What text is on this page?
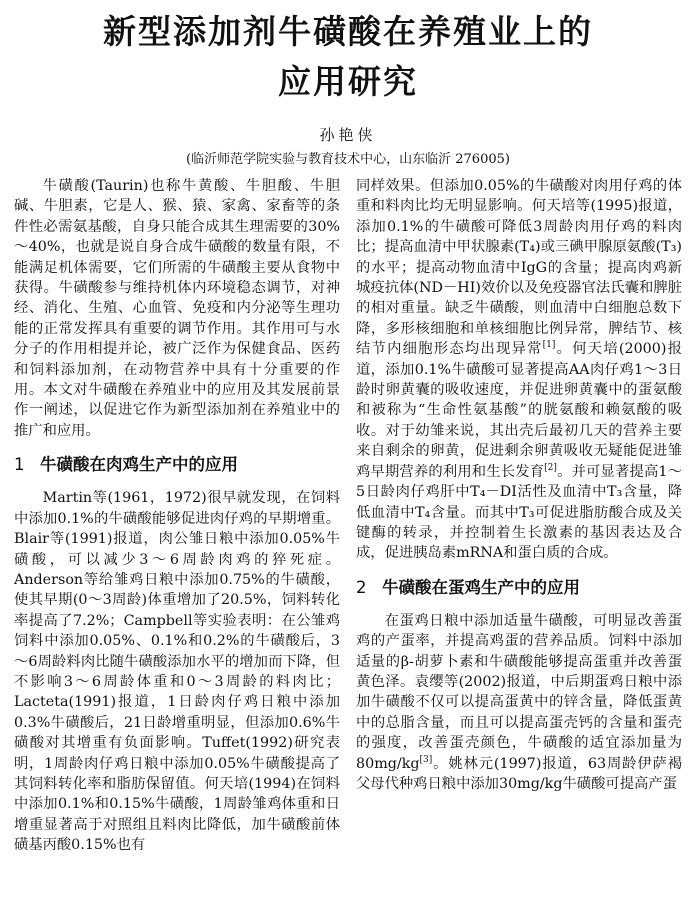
新型添加剂牛磺酸在养殖业上的
应用研究
孙艳侠
(临沂师范学院实验与教育技术中心，山东临沂 276005)

牛磺酸(Taurin)也称牛黄酸、牛胆酸、牛胆碱、牛胆素，它是人、猴、猿、家禽、家畜等的条件性必需氨基酸，自身只能合成其生理需要的30%～40%，也就是说自身合成牛磺酸的数量有限，不能满足机体需要，它们所需的牛磺酸主要从食物中获得。牛磺酸参与维持机体内环境稳态调节，对神经、消化、生殖、心血管、免疫和内分泌等生理功能的正常发挥具有重要的调节作用。其作用可与水分子的作用相提并论，被广泛作为保健食品、医药和饲料添加剂，在动物营养中具有十分重要的作用。本文对牛磺酸在养殖业中的应用及其发展前景作一阐述，以促进它作为新型添加剂在养殖业中的推广和应用。

1 牛磺酸在肉鸡生产中的应用

Martin等(1961，1972)很早就发现，在饲料中添加0.1%的牛磺酸能够促进肉仔鸡的早期增重。Blair等(1991)报道，肉公雏日粮中添加0.05%牛磺酸，可以减少3～6周龄肉鸡的猝死症。Anderson等给雏鸡日粮中添加0.75%的牛磺酸，使其早期(0～3周龄)体重增加了20.5%，饲料转化率提高了7.2%；Campbell等实验表明：在公雏鸡饲料中添加0.05%、0.1%和0.2%的牛磺酸后，3～6周龄料肉比随牛磺酸添加水平的增加而下降，但不影响3～6周龄体重和0～3周龄的料肉比；Lacteta(1991)报道，1日龄肉仔鸡日粮中添加0.3%牛磺酸后，21日龄增重明显，但添加0.6%牛磺酸对其增重有负面影响。Tuffet(1992)研究表明，1周龄肉仔鸡日粮中添加0.05%牛磺酸提高了其饲料转化率和脂肪保留值。何天培(1994)在饲料中添加0.1%和0.15%牛磺酸，1周龄雏鸡体重和日增重显著高于对照组且料肉比降低，加牛磺酸前体磺基丙酸0.15%也有

同样效果。但添加0.05%的牛磺酸对肉用仔鸡的体重和料肉比均无明显影响。何天培等(1995)报道，添加0.1%的牛磺酸可降低3周龄肉用仔鸡的料肉比；提高血清中甲状腺素(T₄)或三碘甲腺原氨酸(T₃)的水平；提高动物血清中IgG的含量；提高肉鸡新城疫抗体(ND－HI)效价以及免疫器官法氏囊和脾脏的相对重量。缺乏牛磺酸，则血清中白细胞总数下降，多形核细胞和单核细胞比例异常，脾结节、核结节内细胞形态均出现异常[1]。何天培(2000)报道，添加0.1%牛磺酸可显著提高AA肉仔鸡1～3日龄时卵黄囊的吸收速度，并促进卵黄囊中的蛋氨酸和被称为“生命性氨基酸”的胱氨酸和赖氨酸的吸收。对于幼雏来说，其出壳后最初几天的营养主要来自剩余的卵黄，促进剩余卵黄吸收无疑能促进雏鸡早期营养的利用和生长发育[2]。并可显著提高1～5日龄肉仔鸡肝中T₄－DI活性及血清中T₃含量，降低血清中T₄含量。而其中T₃可促进脂肪酸合成及关键酶的转录，并控制着生长激素的基因表达及合成，促进胰岛素mRNA和蛋白质的合成。

2 牛磺酸在蛋鸡生产中的应用

在蛋鸡日粮中添加适量牛磺酸，可明显改善蛋鸡的产蛋率，并提高鸡蛋的营养品质。饲料中添加适量的β-胡萝卜素和牛磺酸能够提高蛋重并改善蛋黄色泽。袁缨等(2002)报道，中后期蛋鸡日粮中添加牛磺酸不仅可以提高蛋黄中的锌含量，降低蛋黄中的总脂含量，而且可以提高蛋壳钙的含量和蛋壳的强度，改善蛋壳颜色，牛磺酸的适宜添加量为80mg/kg[3]。姚林元(1997)报道，63周龄伊萨褐父母代种鸡日粮中添加30mg/kg牛磺酸可提高产蛋
